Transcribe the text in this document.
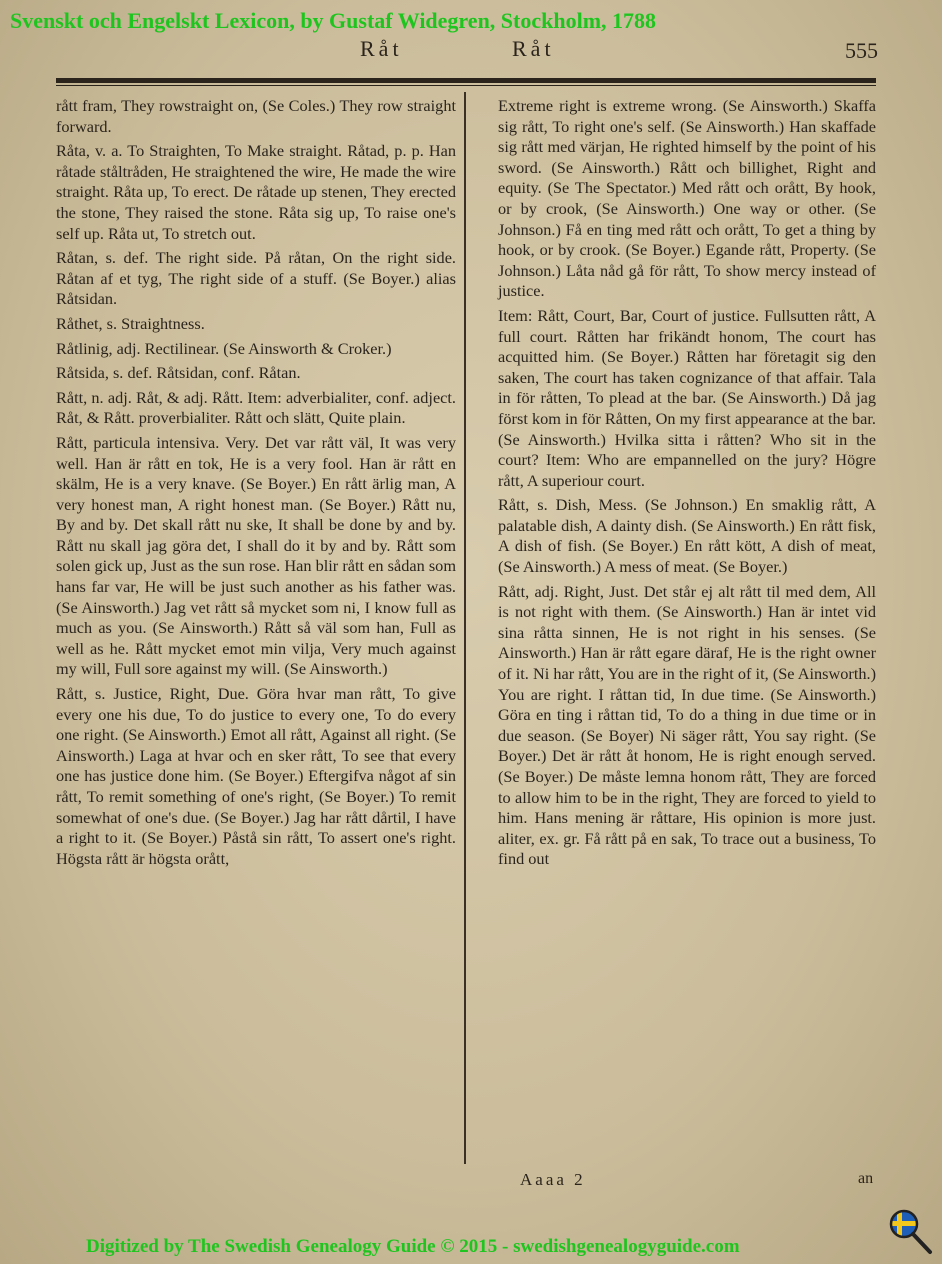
Svenskt och Engelskt Lexicon, by Gustaf Widegren, Stockholm, 1788

Råt	Råt	555

rått fram, They rowstraight on, (Se Coles.) They row straight forward.

Råta, v. a. To Straighten, To Make straight. Råtad, p. p. Han råtade ståltråden, He straightened the wire, He made the wire straight. Råta up, To erect. De råtade up stenen, They erected the stone, They raised the stone. Råta sig up, To raise one's self up. Råta ut, To stretch out.

Råtan, s. def. The right side. På råtan, On the right side. Råtan af et tyg, The right side of a stuff. (Se Boyer.) alias Råtsidan.

Råthet, s. Straightness.

Råtlinig, adj. Rectilinear. (Se Ainsworth & Croker.)

Råtsida, s. def. Råtsidan, conf. Råtan.

Rått, n. adj. Råt, & adj. Rått. Item: adverbialiter, conf. adject. Råt, & Rått. proverbialiter. Rått och slätt, Quite plain.

Rått, particula intensiva. Very. Det var rått väl, It was very well. Han är rått en tok, He is a very fool. Han är rått en skälm, He is a very knave. (Se Boyer.) En rått ärlig man, A very honest man, A right honest man. (Se Boyer.) Rått nu, By and by. Det skall rått nu ske, It shall be done by and by. Rått nu skall jag göra det, I shall do it by and by. Rått som solen gick up, Just as the sun rose. Han blir rått en sådan som hans far var, He will be just such another as his father was. (Se Ainsworth.) Jag vet rått så mycket som ni, I know full as much as you. (Se Ainsworth.) Rått så väl som han, Full as well as he. Rått mycket emot min vilja, Very much against my will, Full sore against my will. (Se Ainsworth.)

Rått, s. Justice, Right, Due. Göra hvar man rått, To give every one his due, To do justice to every one, To do every one right. (Se Ainsworth.) Emot all rått, Against all right. (Se Ainsworth.) Laga at hvar och en sker rått, To see that every one has justice done him. (Se Boyer.) Eftergifva något af sin rått, To remit something of one's right, (Se Boyer.) To remit somewhat of one's due. (Se Boyer.) Jag har rått dårtil, I have a right to it. (Se Boyer.) Påstå sin rått, To assert one's right. Högsta rått är högsta orått,

Extreme right is extreme wrong. (Se Ainsworth.) Skaffa sig rått, To right one's self. (Se Ainsworth.) Han skaffade sig rått med värjan, He righted himself by the point of his sword. (Se Ainsworth.) Rått och billighet, Right and equity. (Se The Spectator.) Med rått och orått, By hook, or by crook, (Se Ainsworth.) One way or other. (Se Johnson.) Få en ting med rått och orått, To get a thing by hook, or by crook. (Se Boyer.) Egande rått, Property. (Se Johnson.) Låta nåd gå för rått, To show mercy instead of justice.

Item: Rått, Court, Bar, Court of justice. Fullsutten rått, A full court. Råtten har frikändt honom, The court has acquitted him. (Se Boyer.) Råtten har företagit sig den saken, The court has taken cognizance of that affair. Tala in för råtten, To plead at the bar. (Se Ainsworth.) Då jag först kom in för Råtten, On my first appearance at the bar. (Se Ainsworth.) Hvilka sitta i råtten? Who sit in the court? Item: Who are empannelled on the jury? Högre rått, A superiour court.

Rått, s. Dish, Mess. (Se Johnson.) En smaklig rått, A palatable dish, A dainty dish. (Se Ainsworth.) En rått fisk, A dish of fish. (Se Boyer.) En rått kött, A dish of meat, (Se Ainsworth.) A mess of meat. (Se Boyer.)

Rått, adj. Right, Just. Det står ej alt rått til med dem, All is not right with them. (Se Ainsworth.) Han är intet vid sina råtta sinnen, He is not right in his senses. (Se Ainsworth.) Han är rått egare däraf, He is the right owner of it. Ni har rått, You are in the right of it, (Se Ainsworth.) You are right. I råttan tid, In due time. (Se Ainsworth.) Göra en ting i råttan tid, To do a thing in due time or in due season. (Se Boyer) Ni säger rått, You say right. (Se Boyer.) Det är rått åt honom, He is right enough served. (Se Boyer.) De måste lemna honom rått, They are forced to allow him to be in the right, They are forced to yield to him. Hans mening är råttare, His opinion is more just. aliter, ex. gr. Få rått på en sak, To trace out a business, To find out

Aaaa 2	an

Digitized by The Swedish Genealogy Guide © 2015 - swedishgenealogyguide.com
